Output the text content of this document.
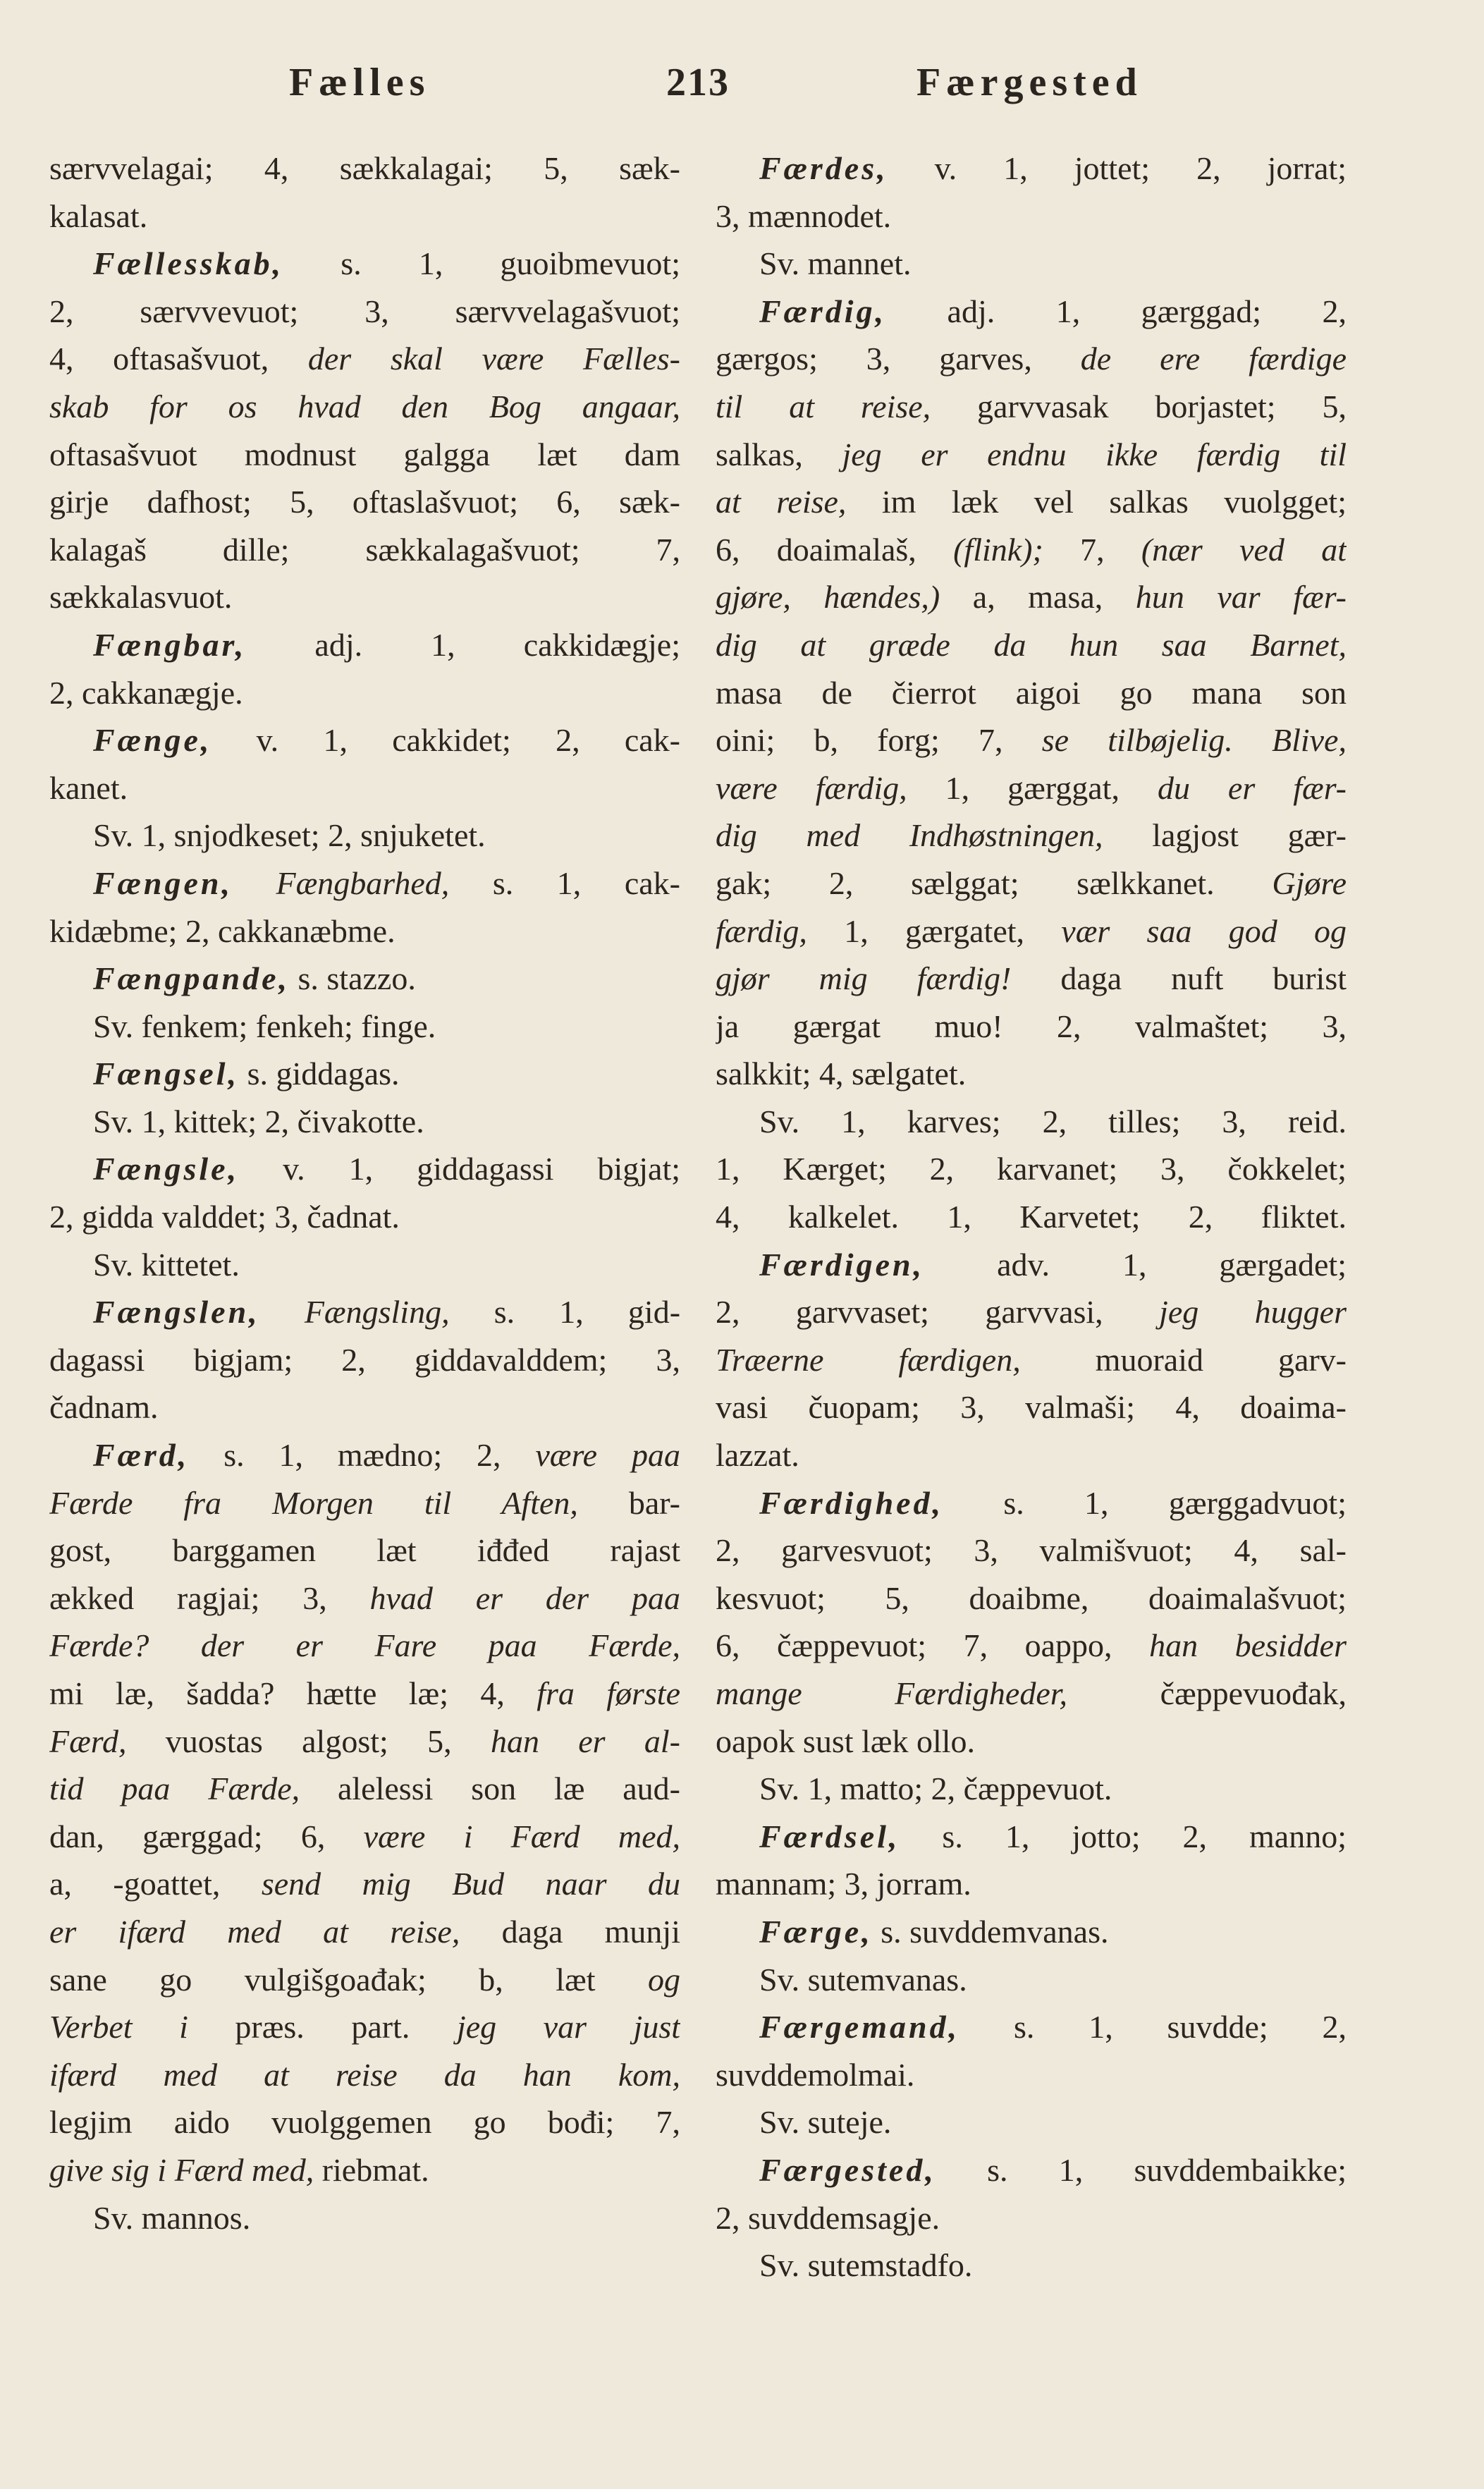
Fælles	213	Færgested
særvvelagai; 4, sækkalagai; 5, sæk-
kalasat.
Fællesskab, s. 1, guoibmevuot;
2, særvvevuot; 3, særvvelagašvuot;
4, oftasašvuot, der skal være Fælles-
skab for os hvad den Bog angaar,
oftasašvuot modnust galgga læt dam
girje dafhost; 5, oftaslašvuot; 6, sæk-
kalagaš dille; sækkalagašvuot; 7,
sækkalasvuot.
Fængbar, adj. 1, cakkidægje;
2, cakkanægje.
Fænge, v. 1, cakkidet; 2, cak-
kanet.
Sv. 1, snjodkeset; 2, snjuketet.
Fængen, Fængbarhed, s. 1, cak-
kidæbme; 2, cakkanæbme.
Fængpande, s. stazzo.
Sv. fenkem; fenkeh; finge.
Fængsel, s. giddagas.
Sv. 1, kittek; 2, čivakotte.
Fængsle, v. 1, giddagassi bigjat;
2, gidda valddet; 3, čadnat.
Sv. kittetet.
Fængslen, Fængsling, s. 1, gid-
dagassi bigjam; 2, giddavalddem; 3,
čadnam.
Færd, s. 1, mædno; 2, være paa
Færde fra Morgen til Aften, bar-
gost, barggamen læt iđđed rajast
ækked ragjai; 3, hvad er der paa
Færde? der er Fare paa Færde,
mi læ, šadda? hætte læ; 4, fra første
Færd, vuostas algost; 5, han er al-
tid paa Færde, alelessi son læ aud-
dan, gærggad; 6, være i Færd med,
a, -goattet, send mig Bud naar du
er ifærd med at reise, daga munji
sane go vulgišgoađak; b, læt og
Verbet i præs. part. jeg var just
ifærd med at reise da han kom,
legjim aido vuolggemen go bođi; 7,
give sig i Færd med, riebmat.
Sv. mannos.
Færdes, v. 1, jottet; 2, jorrat;
3, mænnodet.
Sv. mannet.
Færdig, adj. 1, gærggad; 2,
gærgos; 3, garves, de ere færdige
til at reise, garvvasak borjastet; 5,
salkas, jeg er endnu ikke færdig til
at reise, im læk vel salkas vuolgget;
6, doaimalaš, (flink); 7, (nær ved at
gjøre, hændes,) a, masa, hun var fær-
dig at græde da hun saa Barnet,
masa de čierrot aigoi go mana son
oini; b, forg; 7, se tilbøjelig. Blive,
være færdig, 1, gærggat, du er fær-
dig med Indhøstningen, lagjost gær-
gak; 2, sælggat; sælkkanet. Gjøre
færdig, 1, gærgatet, vær saa god og
gjør mig færdig! daga nuft burist
ja gærgat muo! 2, valmaštet; 3,
salkkit; 4, sælgatet.
Sv. 1, karves; 2, tilles; 3, reid.
1, Kærget; 2, karvanet; 3, čokkelet;
4, kalkelet. 1, Karvetet; 2, fliktet.
Færdigen, adv. 1, gærgadet;
2, garvvaset; garvvasi, jeg hugger
Træerne færdigen, muoraid garv-
vasi čuopam; 3, valmaši; 4, doaima-
lazzat.
Færdighed, s. 1, gærggadvuot;
2, garvesvuot; 3, valmišvuot; 4, sal-
kesvuot; 5, doaibme, doaimalašvuot;
6, čæppevuot; 7, oappo, han besidder
mange Færdigheder, čæppevuođak,
oapok sust læk ollo.
Sv. 1, matto; 2, čæppevuot.
Færdsel, s. 1, jotto; 2, manno;
mannam; 3, jorram.
Færge, s. suvddemvanas.
Sv. sutemvanas.
Færgemand, s. 1, suvdde; 2,
suvddemolmai.
Sv. suteje.
Færgested, s. 1, suvddembaikke;
2, suvddemsagje.
Sv. sutemstadfo.
